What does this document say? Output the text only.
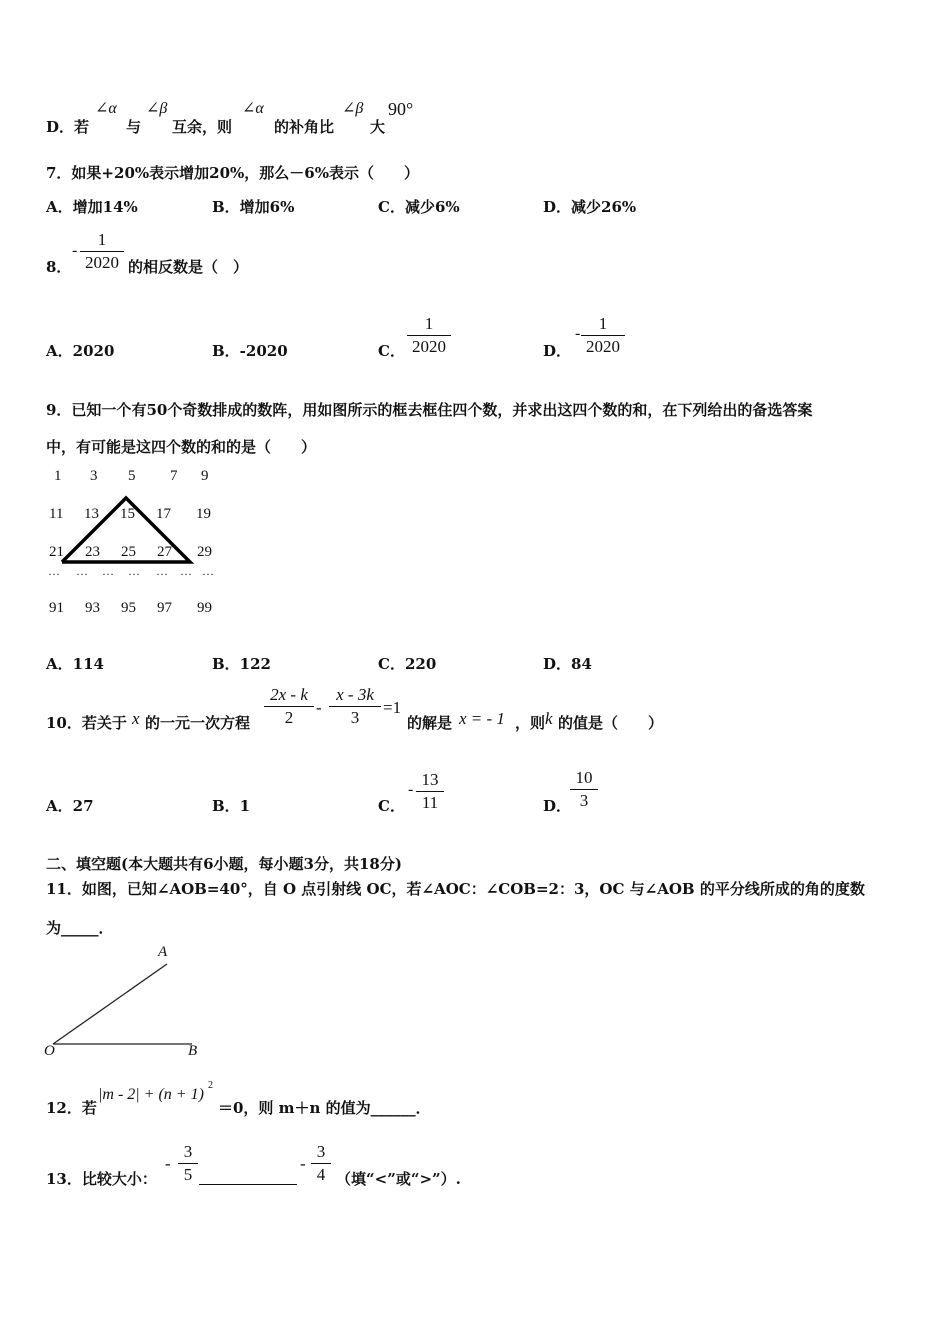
D．若
∠α
与
∠β
互余，则
∠α
的补角比
∠β
大
90°
7．如果+20%表示增加20%，那么－6%表示（　　）
A．增加14%	B．增加6%	C．减少6%	D．减少26%
8．
- $\frac{1}{2020}$ 的相反数是（　）
A．2020	B．-2020	C． $\frac{1}{2020}$	D．
- $\frac{1}{2020}$
9．已知一个有50个奇数排成的数阵，用如图所示的框去框住四个数，并求出这四个数的和，在下列给出的备选答案
中，有可能是这四个数的和的是（　　）
1 3 5 7 9
11 13 15 17 19
21 23 25 27 29
… … … … … … …
91 93 95 97 99
A．114	B．122	C．220	D．84
10．若关于 x 的一元一次方程 $\frac{2x - k}{2} - \frac{x - 3k}{3} =1$
的解是 x = - 1 ，则 k 的值是（　　）
A．27	B．1	C．
- $\frac{13}{11}$	D．
$\frac{10}{3}$
二、填空题(本大题共有6小题，每小题3分，共18分)
11．如图，已知∠AOB=40°，自 O 点引射线 OC，若∠AOC：∠COB=2：3，OC 与∠AOB 的平分线所成的角的度数
为_____．
A
O	B
12．若
|m - 2| + (n + 1)
2
＝0，则 m＋n 的值为______．
13．比较大小：
- $\frac{3}{5}$	- $\frac{3}{4}$ （填“<”或“>”）.
